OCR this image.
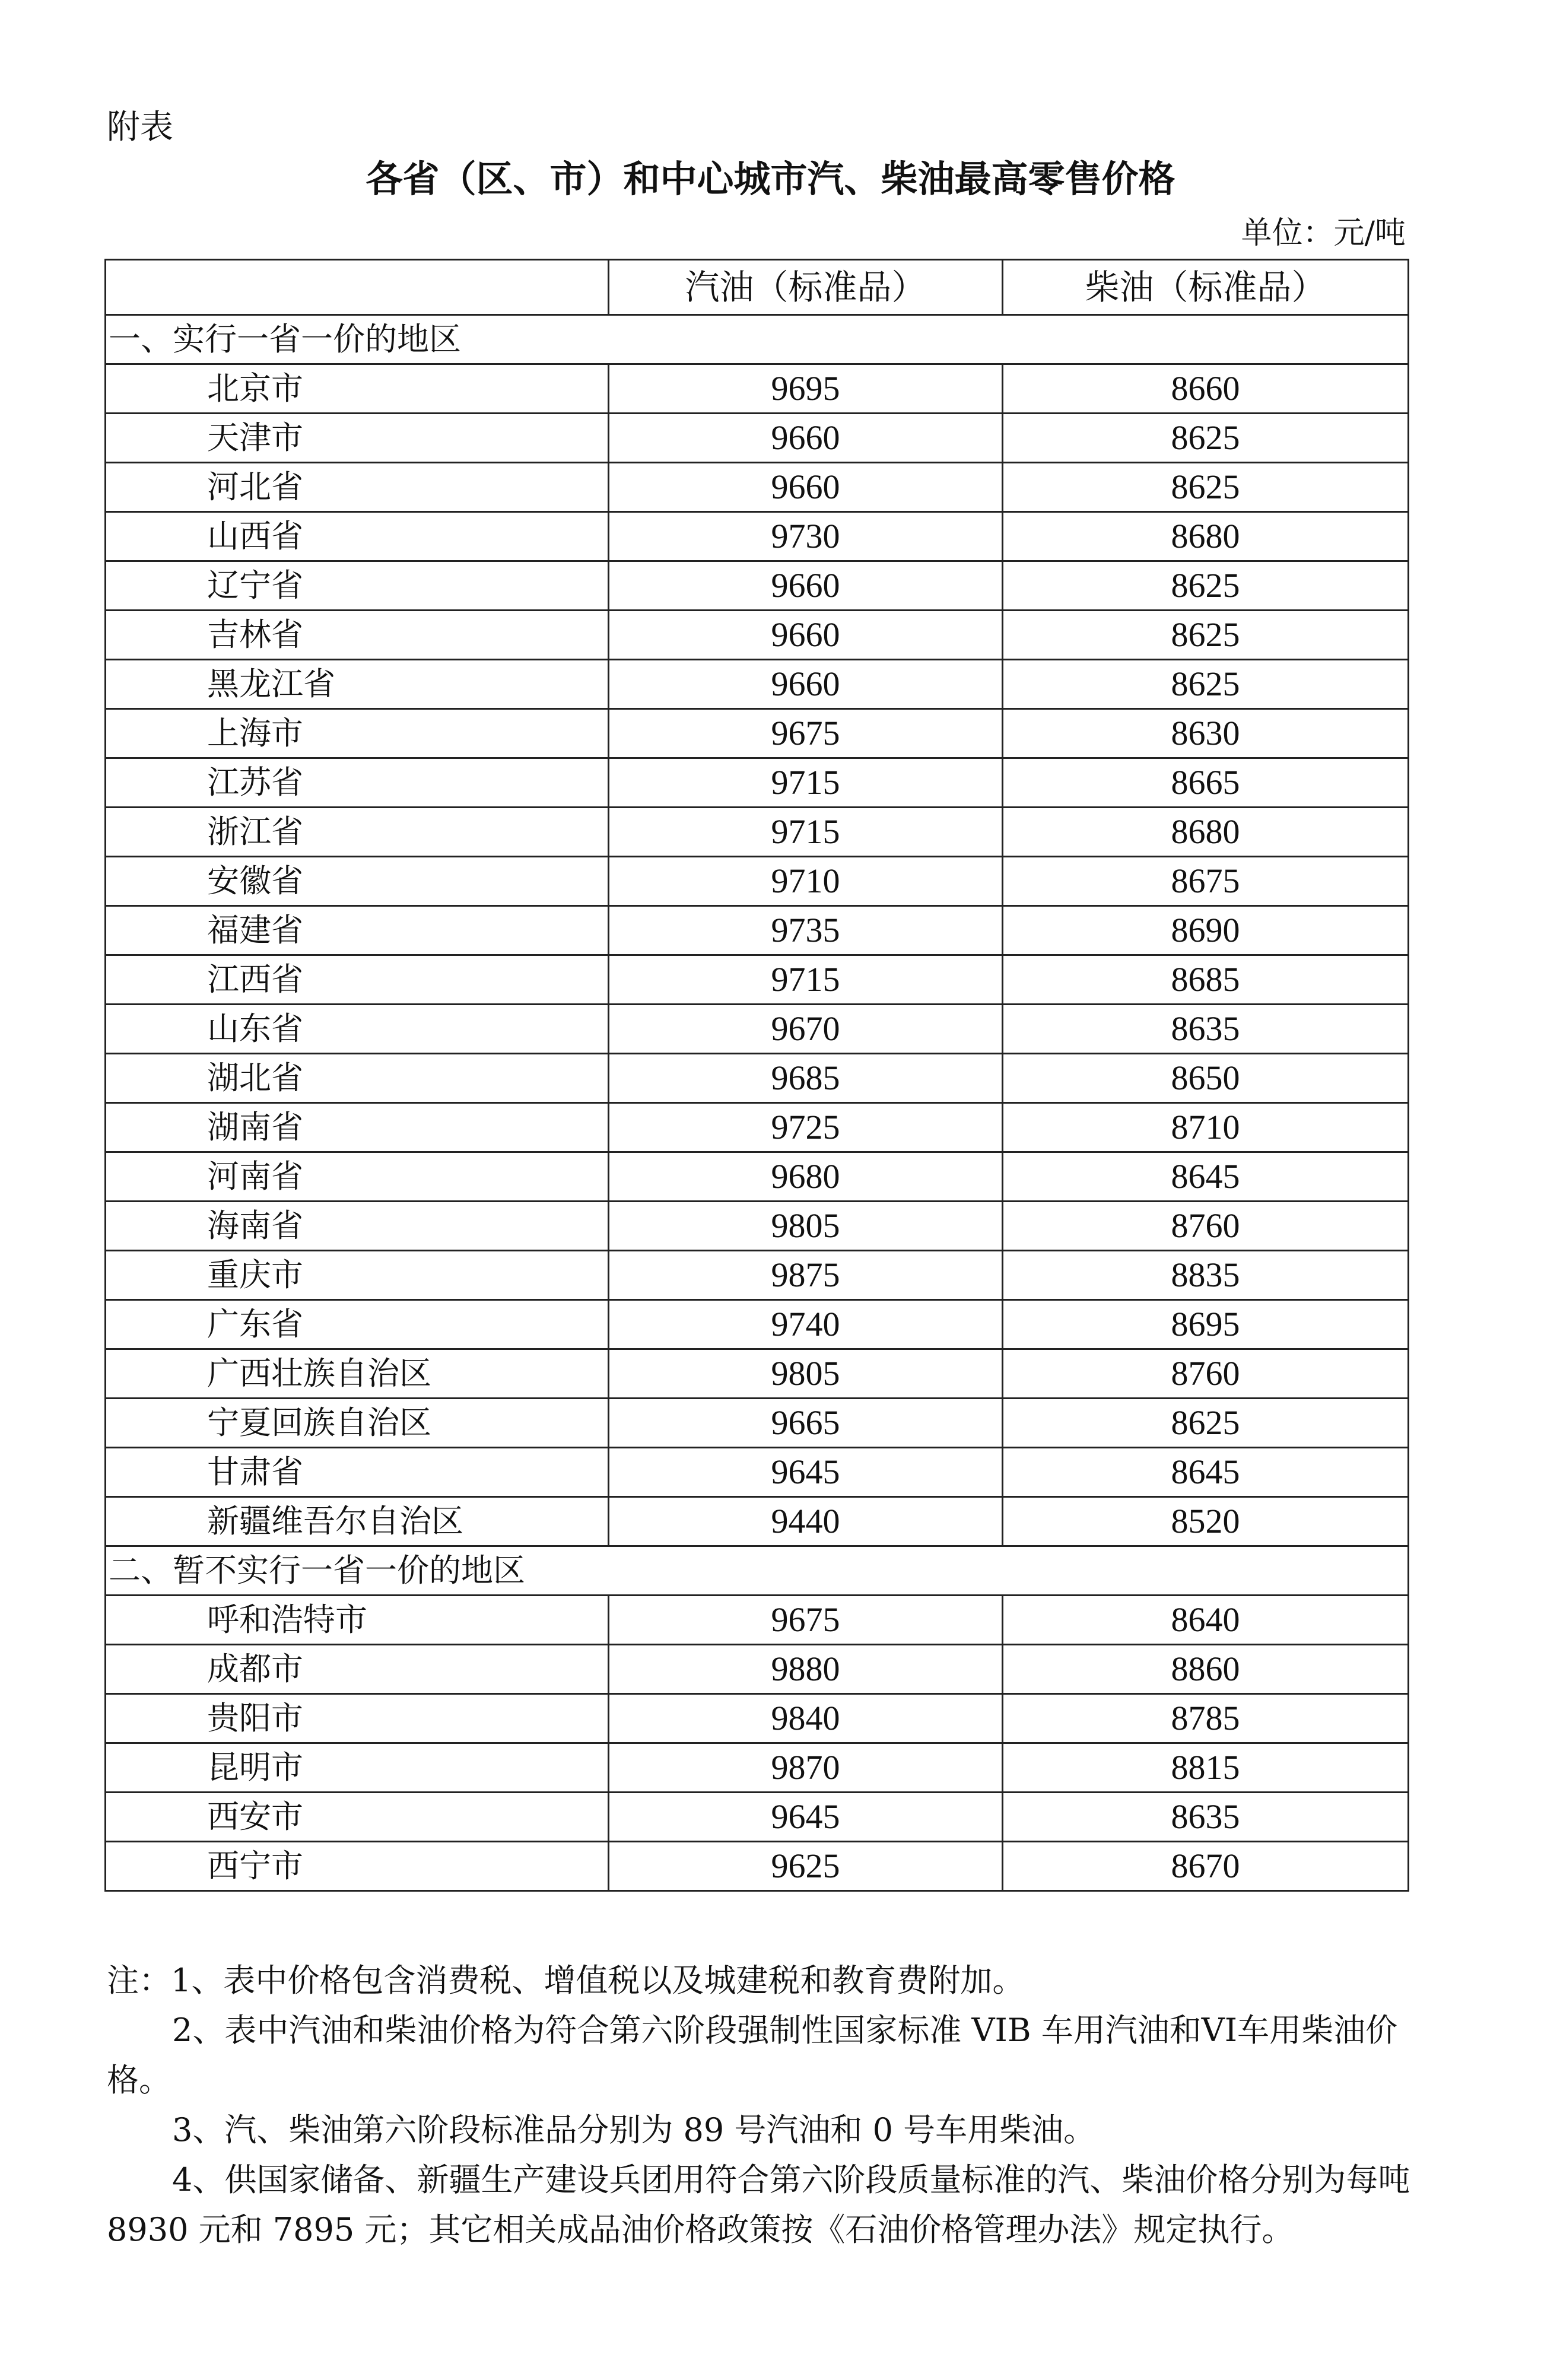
附表
各省（区、市）和中心城市汽、柴油最高零售价格
单位：元/吨
	汽油（标准品）	柴油（标准品）
一、实行一省一价的地区		
北京市	9695	8660
天津市	9660	8625
河北省	9660	8625
山西省	9730	8680
辽宁省	9660	8625
吉林省	9660	8625
黑龙江省	9660	8625
上海市	9675	8630
江苏省	9715	8665
浙江省	9715	8680
安徽省	9710	8675
福建省	9735	8690
江西省	9715	8685
山东省	9670	8635
湖北省	9685	8650
湖南省	9725	8710
河南省	9680	8645
海南省	9805	8760
重庆市	9875	8835
广东省	9740	8695
广西壮族自治区	9805	8760
宁夏回族自治区	9665	8625
甘肃省	9645	8645
新疆维吾尔自治区	9440	8520
二、暂不实行一省一价的地区		
呼和浩特市	9675	8640
成都市	9880	8860
贵阳市	9840	8785
昆明市	9870	8815
西安市	9645	8635
西宁市	9625	8670

注：1、表中价格包含消费税、增值税以及城建税和教育费附加。

2、表中汽油和柴油价格为符合第六阶段强制性国家标准 VIB 车用汽油和VI车用柴油价格。

3、汽、柴油第六阶段标准品分别为 89 号汽油和 0 号车用柴油。

4、供国家储备、新疆生产建设兵团用符合第六阶段质量标准的汽、柴油价格分别为每吨 8930 元和 7895 元；其它相关成品油价格政策按《石油价格管理办法》规定执行。
